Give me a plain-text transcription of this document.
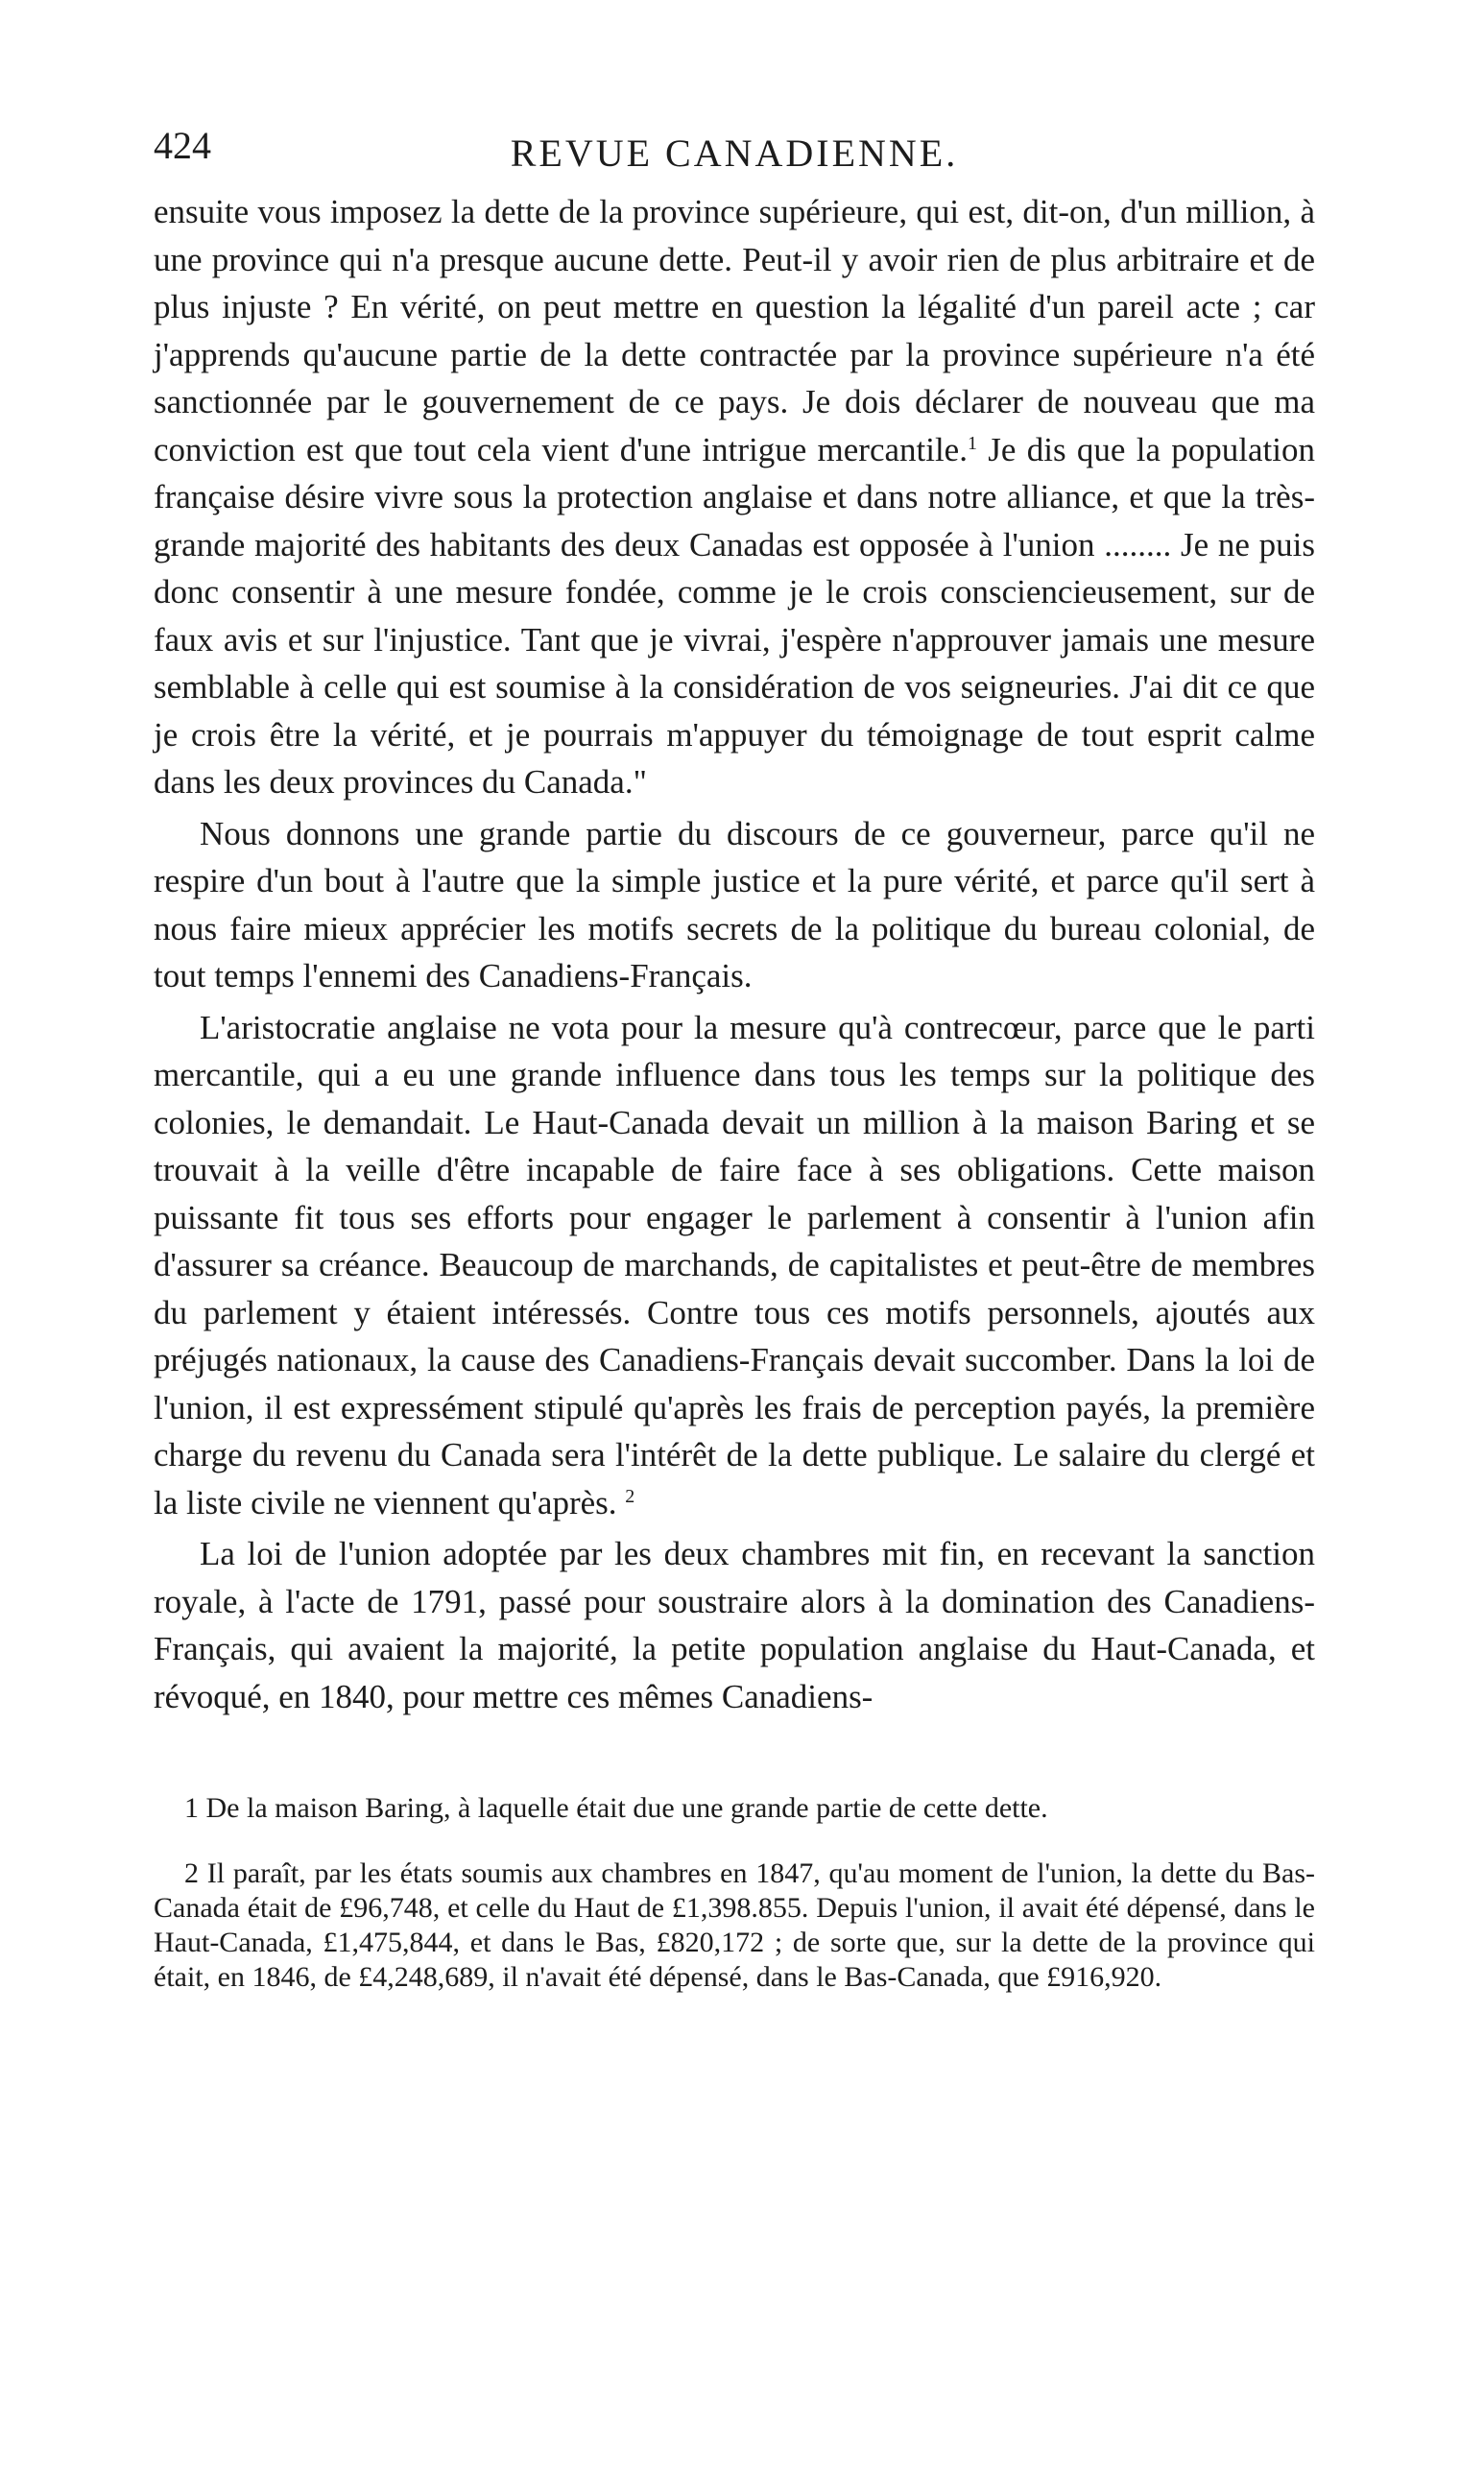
424	REVUE CANADIENNE.

ensuite vous imposez la dette de la province supérieure, qui est, dit-on, d'un million, à une province qui n'a presque aucune dette. Peut-il y avoir rien de plus arbitraire et de plus injuste ? En vérité, on peut mettre en question la légalité d'un pareil acte ; car j'apprends qu'aucune partie de la dette contractée par la province supérieure n'a été sanctionnée par le gouvernement de ce pays. Je dois déclarer de nouveau que ma conviction est que tout cela vient d'une intrigue mercantile.$^1$ Je dis que la population française désire vivre sous la protection anglaise et dans notre alliance, et que la très-grande majorité des habitants des deux Canadas est opposée à l'union ........ Je ne puis donc consentir à une mesure fondée, comme je le crois consciencieusement, sur de faux avis et sur l'injustice. Tant que je vivrai, j'espère n'approuver jamais une mesure semblable à celle qui est soumise à la considération de vos seigneuries. J'ai dit ce que je crois être la vérité, et je pourrais m'appuyer du témoignage de tout esprit calme dans les deux provinces du Canada."

Nous donnons une grande partie du discours de ce gouverneur, parce qu'il ne respire d'un bout à l'autre que la simple justice et la pure vérité, et parce qu'il sert à nous faire mieux apprécier les motifs secrets de la politique du bureau colonial, de tout temps l'ennemi des Canadiens-Français.

L'aristocratie anglaise ne vota pour la mesure qu'à contrecœur, parce que le parti mercantile, qui a eu une grande influence dans tous les temps sur la politique des colonies, le demandait. Le Haut-Canada devait un million à la maison Baring et se trouvait à la veille d'être incapable de faire face à ses obligations. Cette maison puissante fit tous ses efforts pour engager le parlement à consentir à l'union afin d'assurer sa créance. Beaucoup de marchands, de capitalistes et peut-être de membres du parlement y étaient intéressés. Contre tous ces motifs personnels, ajoutés aux préjugés nationaux, la cause des Canadiens-Français devait succomber. Dans la loi de l'union, il est expressément stipulé qu'après les frais de perception payés, la première charge du revenu du Canada sera l'intérêt de la dette publique. Le salaire du clergé et la liste civile ne viennent qu'après. $^2$

La loi de l'union adoptée par les deux chambres mit fin, en recevant la sanction royale, à l'acte de 1791, passé pour soustraire alors à la domination des Canadiens-Français, qui avaient la majorité, la petite population anglaise du Haut-Canada, et révoqué, en 1840, pour mettre ces mêmes Canadiens-

1 De la maison Baring, à laquelle était due une grande partie de cette dette.

2 Il paraît, par les états soumis aux chambres en 1847, qu'au moment de l'union, la dette du Bas-Canada était de £96,748, et celle du Haut de £1,398.855. Depuis l'union, il avait été dépensé, dans le Haut-Canada, £1,475,844, et dans le Bas, £820,172 ; de sorte que, sur la dette de la province qui était, en 1846, de £4,248,689, il n'avait été dépensé, dans le Bas-Canada, que £916,920.
